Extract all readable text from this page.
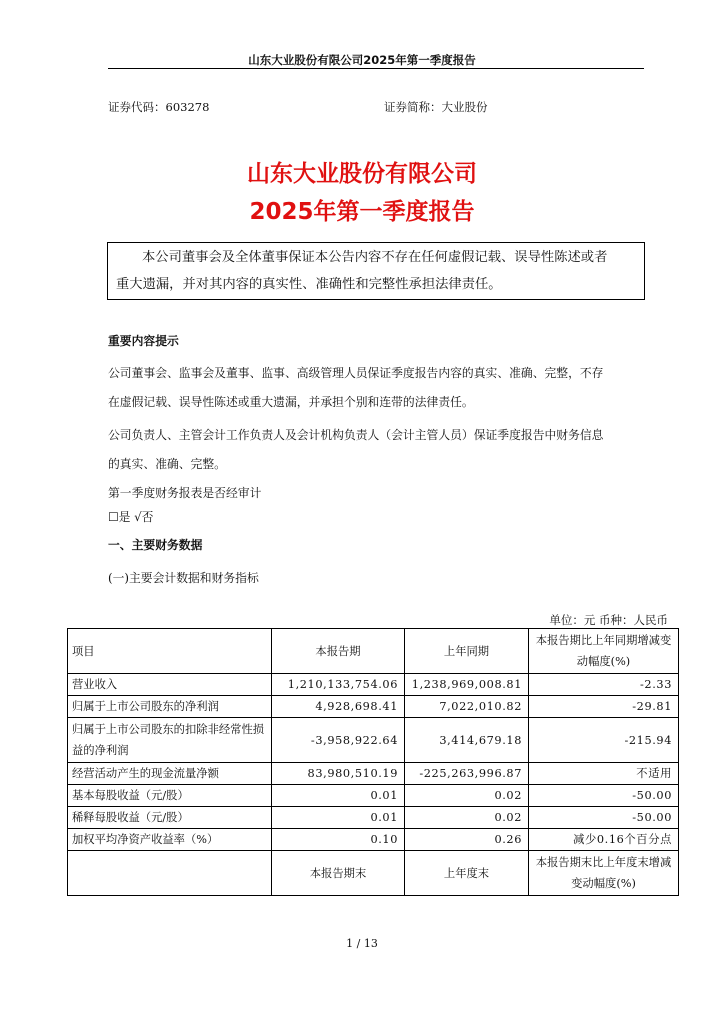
山东大业股份有限公司2025年第一季度报告
证券代码：603278	证券简称：大业股份
山东大业股份有限公司
2025年第一季度报告
本公司董事会及全体董事保证本公告内容不存在任何虚假记载、误导性陈述或者
重大遗漏，并对其内容的真实性、准确性和完整性承担法律责任。
重要内容提示
公司董事会、监事会及董事、监事、高级管理人员保证季度报告内容的真实、准确、完整，不存
在虚假记载、误导性陈述或重大遗漏，并承担个别和连带的法律责任。
公司负责人、主管会计工作负责人及会计机构负责人（会计主管人员）保证季度报告中财务信息
的真实、准确、完整。
第一季度财务报表是否经审计
☐是 √否
一、主要财务数据
(一)主要会计数据和财务指标
单位：元 币种：人民币
项目	本报告期	上年同期	本报告期比上年同期增减变动幅度(%)
营业收入	1,210,133,754.06	1,238,969,008.81	-2.33
归属于上市公司股东的净利润	4,928,698.41	7,022,010.82	-29.81
归属于上市公司股东的扣除非经常性损益的净利润	-3,958,922.64	3,414,679.18	-215.94
经营活动产生的现金流量净额	83,980,510.19	-225,263,996.87	不适用
基本每股收益（元/股）	0.01	0.02	-50.00
稀释每股收益（元/股）	0.01	0.02	-50.00
加权平均净资产收益率（%）	0.10	0.26	减少0.16个百分点
	本报告期末	上年度末	本报告期末比上年度末增减变动幅度(%)
1 / 13
